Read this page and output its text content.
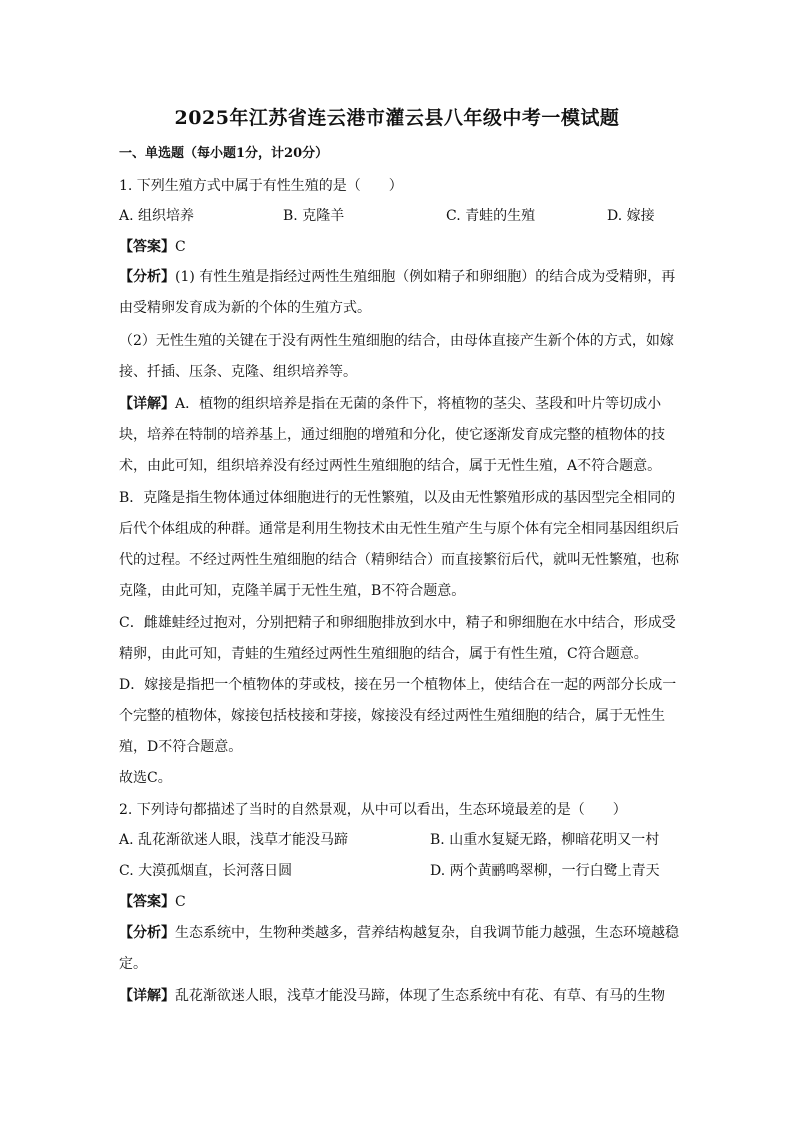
2025年江苏省连云港市灌云县八年级中考一模试题
一、单选题（每小题1分，计20分）
1. 下列生殖方式中属于有性生殖的是（　　）
A. 组织培养	B. 克隆羊	C. 青蛙的生殖	D. 嫁接
【答案】C
【分析】(1) 有性生殖是指经过两性生殖细胞（例如精子和卵细胞）的结合成为受精卵，再由受精卵发育成为新的个体的生殖方式。
（2）无性生殖的关键在于没有两性生殖细胞的结合，由母体直接产生新个体的方式，如嫁接、扦插、压条、克隆、组织培养等。
【详解】A．植物的组织培养是指在无菌的条件下，将植物的茎尖、茎段和叶片等切成小块，培养在特制的培养基上，通过细胞的增殖和分化，使它逐渐发育成完整的植物体的技术，由此可知，组织培养没有经过两性生殖细胞的结合，属于无性生殖，A不符合题意。
B．克隆是指生物体通过体细胞进行的无性繁殖，以及由无性繁殖形成的基因型完全相同的后代个体组成的种群。通常是利用生物技术由无性生殖产生与原个体有完全相同基因组织后代的过程。不经过两性生殖细胞的结合（精卵结合）而直接繁衍后代，就叫无性繁殖，也称克隆，由此可知，克隆羊属于无性生殖，B不符合题意。
C．雌雄蛙经过抱对，分别把精子和卵细胞排放到水中，精子和卵细胞在水中结合，形成受精卵，由此可知，青蛙的生殖经过两性生殖细胞的结合，属于有性生殖，C符合题意。
D．嫁接是指把一个植物体的芽或枝，接在另一个植物体上，使结合在一起的两部分长成一个完整的植物体，嫁接包括枝接和芽接，嫁接没有经过两性生殖细胞的结合，属于无性生殖，D不符合题意。
故选C。
2. 下列诗句都描述了当时的自然景观，从中可以看出，生态环境最差的是（　　）
A. 乱花渐欲迷人眼，浅草才能没马蹄	B. 山重水复疑无路，柳暗花明又一村
C. 大漠孤烟直，长河落日圆	D. 两个黄鹂鸣翠柳，一行白鹭上青天
【答案】C
【分析】生态系统中，生物种类越多，营养结构越复杂，自我调节能力越强，生态环境越稳定。
【详解】乱花渐欲迷人眼，浅草才能没马蹄，体现了生态系统中有花、有草、有马的生物
